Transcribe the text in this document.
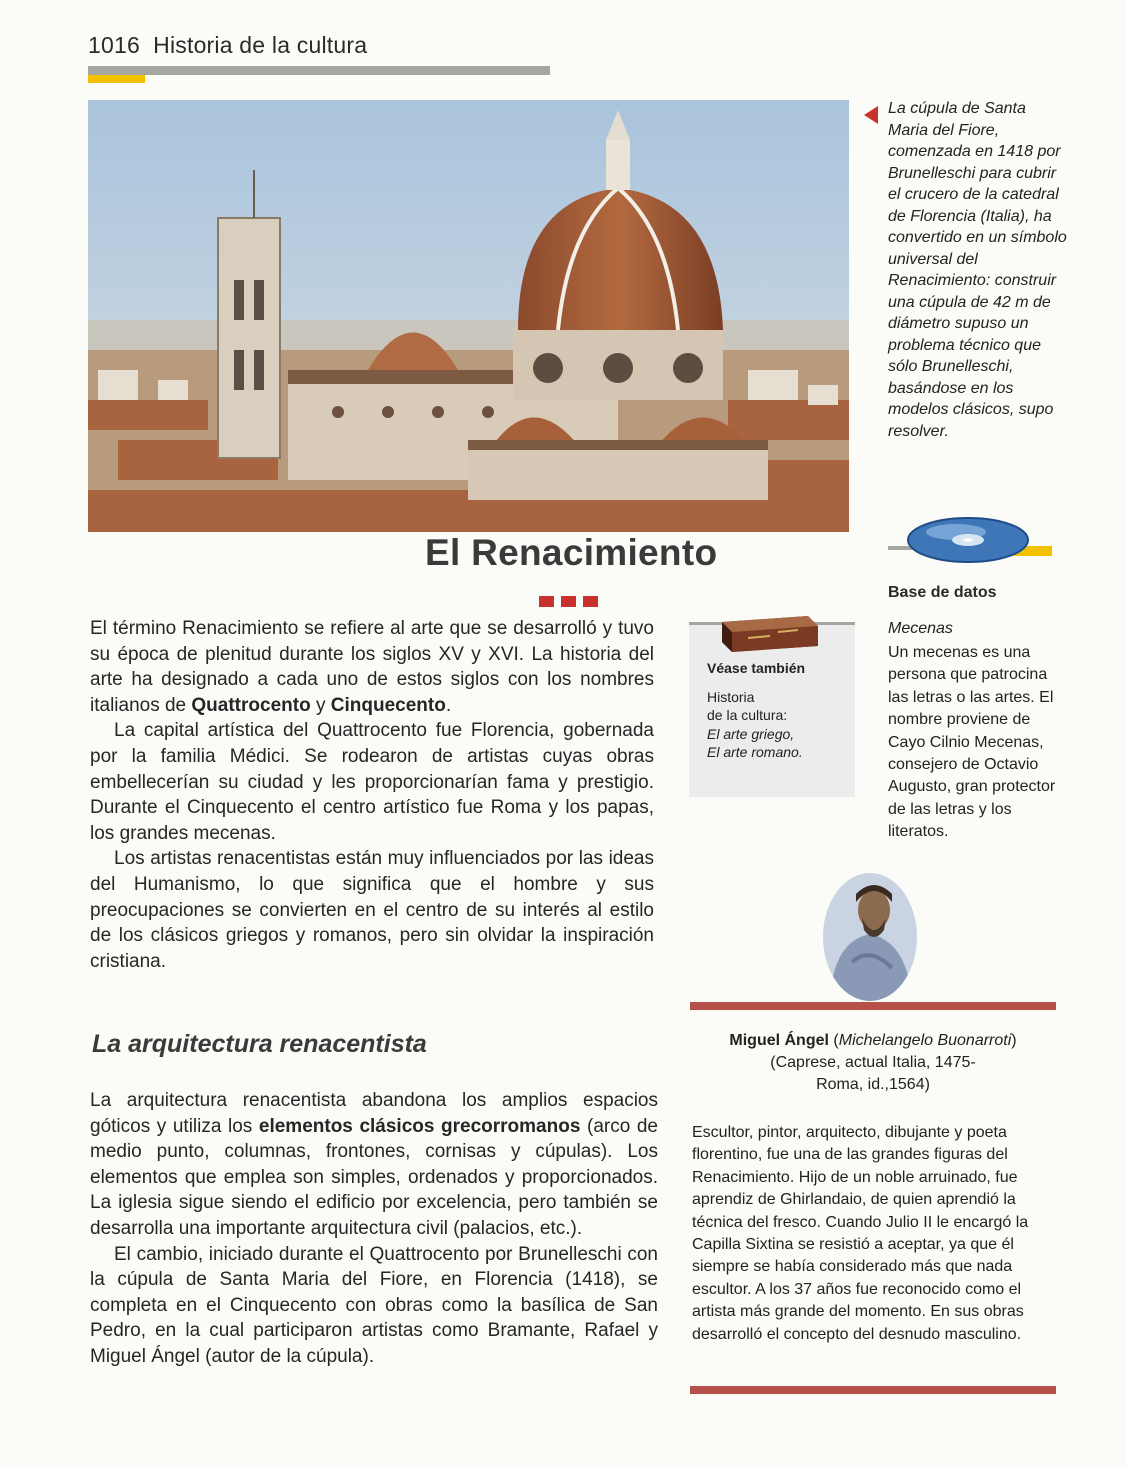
1016 Historia de la cultura
La cúpula de Santa Maria del Fiore, comenzada en 1418 por Brunelleschi para cubrir el crucero de la catedral de Florencia (Italia), ha convertido en un símbolo universal del Renacimiento: construir una cúpula de 42 m de diámetro supuso un problema técnico que sólo Brunelleschi, basándose en los modelos clásicos, supo resolver.
El Renacimiento

El término Renacimiento se refiere al arte que se desarrolló y tuvo su época de plenitud durante los siglos XV y XVI. La historia del arte ha designado a cada uno de estos siglos con los nombres italianos de Quattrocento y Cinquecento.

La capital artística del Quattrocento fue Florencia, gobernada por la familia Médici. Se rodearon de artistas cuyas obras embellecerían su ciudad y les proporcionarían fama y prestigio. Durante el Cinquecento el centro artístico fue Roma y los papas, los grandes mecenas.

Los artistas renacentistas están muy influenciados por las ideas del Humanismo, lo que significa que el hombre y sus preocupaciones se convierten en el centro de su interés al estilo de los clásicos griegos y romanos, pero sin olvidar la inspiración cristiana.

La arquitectura renacentista

La arquitectura renacentista abandona los amplios espacios góticos y utiliza los elementos clásicos grecorromanos (arco de medio punto, columnas, frontones, cornisas y cúpulas). Los elementos que emplea son simples, ordenados y proporcionados. La iglesia sigue siendo el edificio por excelencia, pero también se desarrolla una importante arquitectura civil (palacios, etc.).

El cambio, iniciado durante el Quattrocento por Brunelleschi con la cúpula de Santa Maria del Fiore, en Florencia (1418), se completa en el Cinquecento con obras como la basílica de San Pedro, en la cual participaron artistas como Bramante, Rafael y Miguel Ángel (autor de la cúpula).

Véase también
Historia
de la cultura:
El arte griego,
El arte romano.
Base de datos
Mecenas
Un mecenas es una persona que patrocina las letras o las artes. El nombre proviene de Cayo Cilnio Mecenas, consejero de Octavio Augusto, gran protector de las letras y los literatos.
Miguel Ángel (Michelangelo Buonarroti)
(Caprese, actual Italia, 1475-
Roma, id.,1564)
Escultor, pintor, arquitecto, dibujante y poeta florentino, fue una de las grandes figuras del Renacimiento. Hijo de un noble arruinado, fue aprendiz de Ghirlandaio, de quien aprendió la técnica del fresco. Cuando Julio II le encargó la Capilla Sixtina se resistió a aceptar, ya que él siempre se había considerado más que nada escultor. A los 37 años fue reconocido como el artista más grande del momento. En sus obras desarrolló el concepto del desnudo masculino.
